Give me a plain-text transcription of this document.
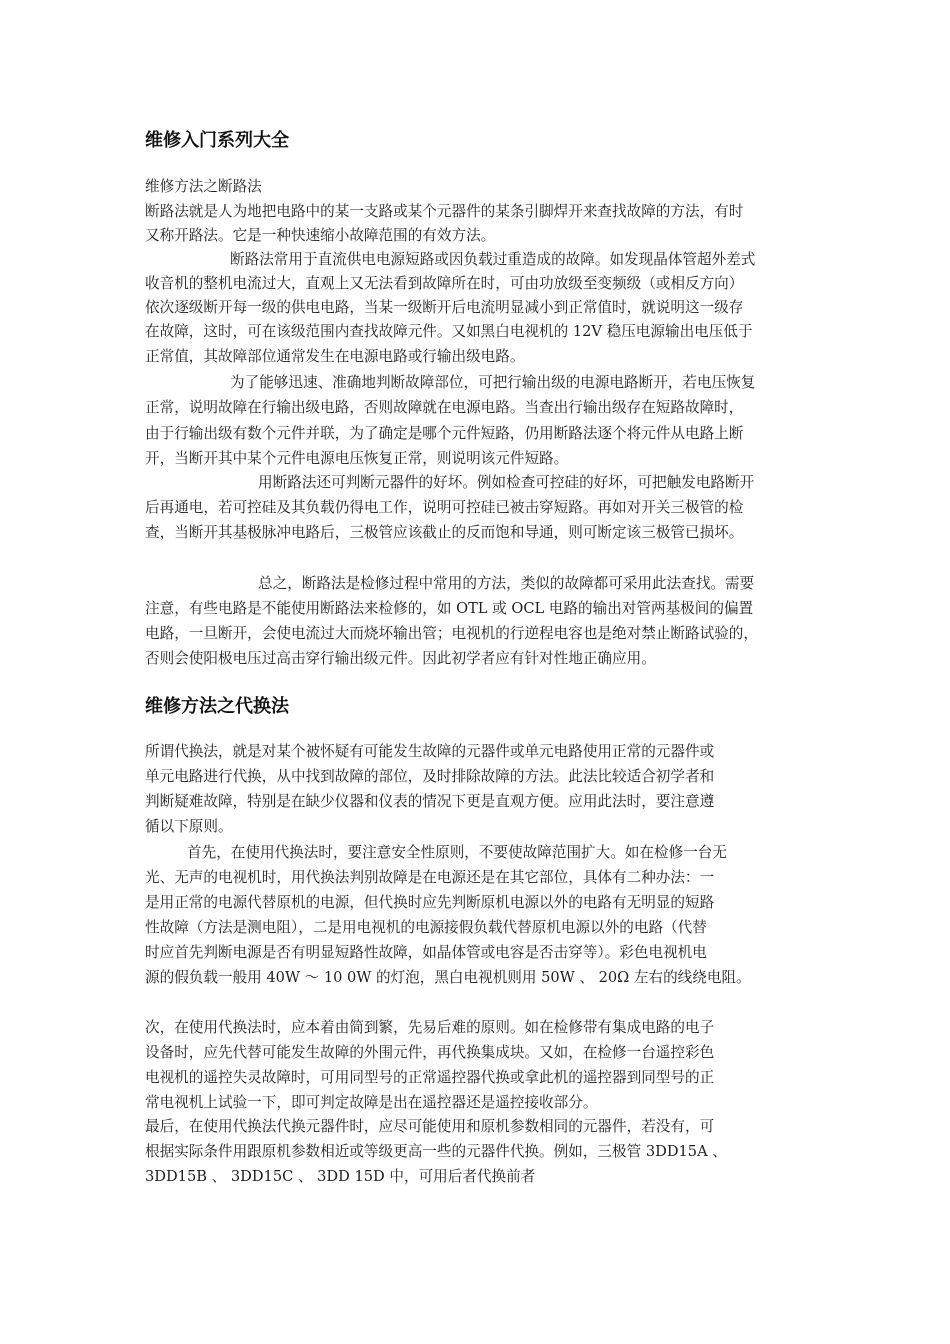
维修入门系列大全
维修方法之断路法
断路法就是人为地把电路中的某一支路或某个元器件的某条引脚焊开来查找故障的方法，有时
又称开路法。它是一种快速缩小故障范围的有效方法。
断路法常用于直流供电电源短路或因负载过重造成的故障。如发现晶体管超外差式
收音机的整机电流过大，直观上又无法看到故障所在时，可由功放级至变频级（或相反方向）
依次逐级断开每一级的供电电路，当某一级断开后电流明显减小到正常值时，就说明这一级存
在故障，这时，可在该级范围内查找故障元件。又如黑白电视机的 12V 稳压电源输出电压低于
正常值，其故障部位通常发生在电源电路或行输出级电路。
为了能够迅速、准确地判断故障部位，可把行输出级的电源电路断开，若电压恢复
正常，说明故障在行输出级电路，否则故障就在电源电路。当查出行输出级存在短路故障时，
由于行输出级有数个元件并联，为了确定是哪个元件短路，仍用断路法逐个将元件从电路上断
开，当断开其中某个元件电源电压恢复正常，则说明该元件短路。
用断路法还可判断元器件的好坏。例如检查可控硅的好坏，可把触发电路断开
后再通电，若可控硅及其负载仍得电工作，说明可控硅已被击穿短路。再如对开关三极管的检
查，当断开其基极脉冲电路后，三极管应该截止的反而饱和导通，则可断定该三极管已损坏。
总之，断路法是检修过程中常用的方法，类似的故障都可采用此法查找。需要
注意，有些电路是不能使用断路法来检修的，如 OTL 或 OCL 电路的输出对管两基极间的偏置
电路，一旦断开，会使电流过大而烧坏输出管；电视机的行逆程电容也是绝对禁止断路试验的，
否则会使阳极电压过高击穿行输出级元件。因此初学者应有针对性地正确应用。
维修方法之代换法
所谓代换法，就是对某个被怀疑有可能发生故障的元器件或单元电路使用正常的元器件或
单元电路进行代换，从中找到故障的部位，及时排除故障的方法。此法比较适合初学者和
判断疑难故障，特别是在缺少仪器和仪表的情况下更是直观方便。应用此法时，要注意遵
循以下原则。
首先，在使用代换法时，要注意安全性原则，不要使故障范围扩大。如在检修一台无
光、无声的电视机时，用代换法判别故障是在电源还是在其它部位，具体有二种办法：一
是用正常的电源代替原机的电源，但代换时应先判断原机电源以外的电路有无明显的短路
性故障（方法是测电阻），二是用电视机的电源接假负载代替原机电源以外的电路（代替
时应首先判断电源是否有明显短路性故障，如晶体管或电容是否击穿等）。彩色电视机电
源的假负载一般用 40W ～ 10 0W 的灯泡，黑白电视机则用 50W 、 20Ω 左右的线绕电阻。
次，在使用代换法时，应本着由简到繁，先易后难的原则。如在检修带有集成电路的电子
设备时，应先代替可能发生故障的外围元件，再代换集成块。又如，在检修一台遥控彩色
电视机的遥控失灵故障时，可用同型号的正常遥控器代换或拿此机的遥控器到同型号的正
常电视机上试验一下，即可判定故障是出在遥控器还是遥控接收部分。
最后，在使用代换法代换元器件时，应尽可能使用和原机参数相同的元器件，若没有，可
根据实际条件用跟原机参数相近或等级更高一些的元器件代换。例如，三极管 3DD15A 、
3DD15B 、 3DD15C 、 3DD 15D 中，可用后者代换前者
